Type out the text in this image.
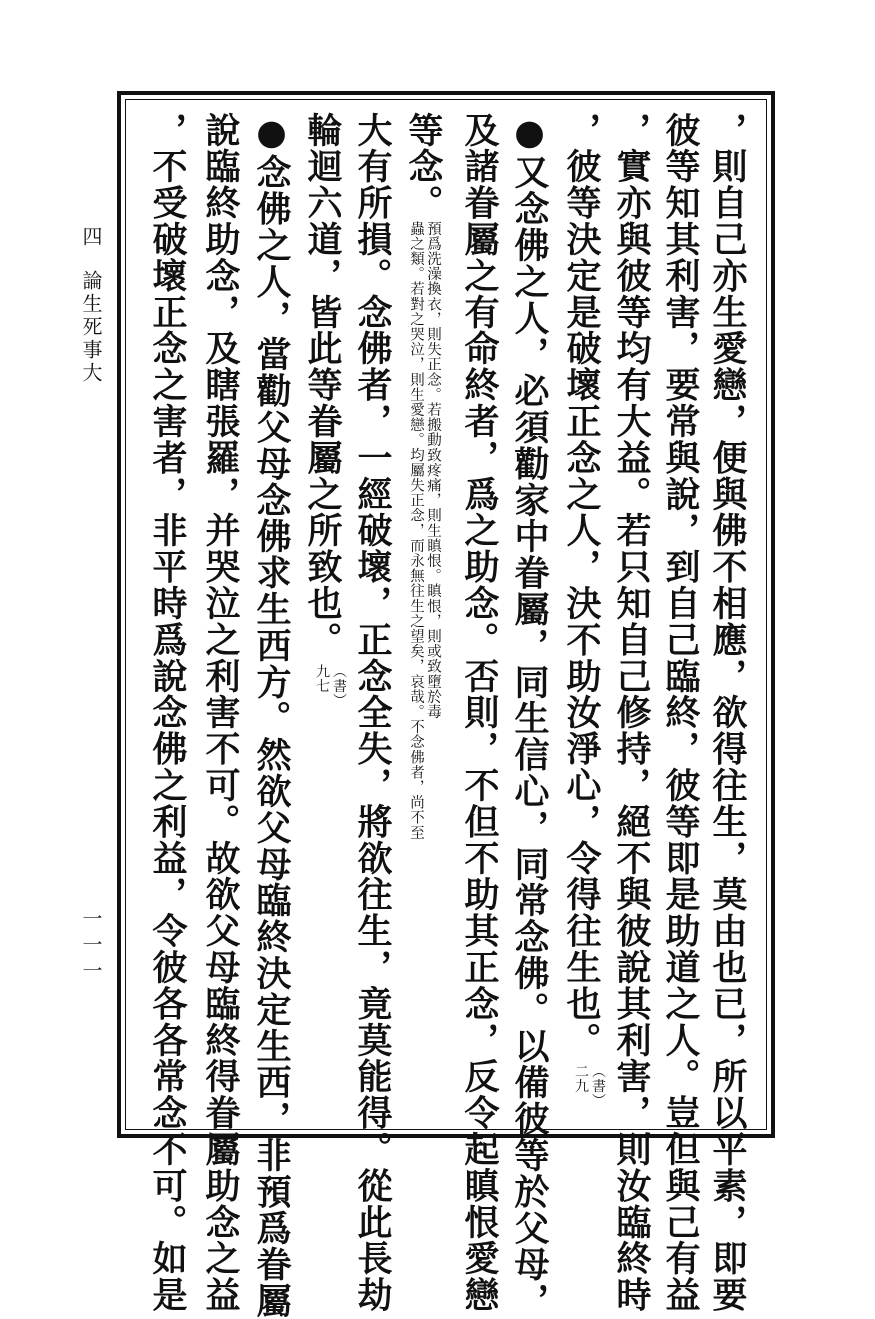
四
論生死事大
一一一	，則自己亦生愛戀，便與佛不相應，欲得往生，莫由也已，所以平素，即要
彼等知其利害，要常與說，到自己臨終，彼等即是助道之人。豈但與己有益
，實亦與彼等均有大益。若只知自己修持，絕不與彼說其利害，則汝臨終時
，彼等決定是破壞正念之人，決不助汝淨心，令得往生也。
（書）
二九
●又念佛之人，必須勸家中眷屬，同生信心，同常念佛。以備彼等於父母，
及諸眷屬之有命終者，爲之助念。否則，不但不助其正念，反令起瞋恨愛戀
等念。
預爲洗澡換衣，則失正念。若搬動致疼痛，則生瞋恨。瞋恨，則或致墮於毒
蟲之類。若對之哭泣，則生愛戀。均屬失正念，而永無往生之望矣，哀哉。不念佛者，尚不至
大有所損。念佛者，一經破壞，正念全失，將欲往生，竟莫能得。從此長劫
輪迴六道，皆此等眷屬之所致也。
（書）
九七
●念佛之人，當勸父母念佛求生西方。然欲父母臨終決定生西，非預爲眷屬
說臨終助念，及瞎張羅，并哭泣之利害不可。故欲父母臨終得眷屬助念之益
，不受破壞正念之害者，非平時爲說念佛之利益，令彼各各常念不可。如是
